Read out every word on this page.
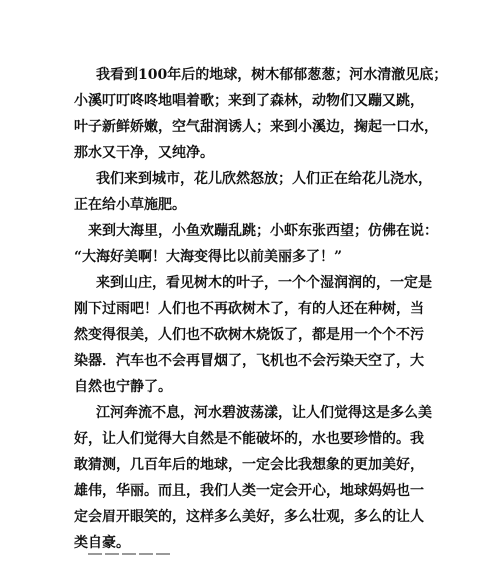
我看到100年后的地球，树木郁郁葱葱；河水清澈见底；
小溪叮叮咚咚地唱着歌；来到了森林，动物们又蹦又跳，
叶子新鲜娇嫩，空气甜润诱人；来到小溪边，掬起一口水，
那水又干净，又纯净。
我们来到城市，花儿欣然怒放；人们正在给花儿浇水，
正在给小草施肥。
来到大海里，小鱼欢蹦乱跳；小虾东张西望；仿佛在说：
“大海好美啊！大海变得比以前美丽多了！”
来到山庄，看见树木的叶子，一个个湿润润的，一定是
刚下过雨吧！人们也不再砍树木了，有的人还在种树，当
然变得很美，人们也不砍树木烧饭了，都是用一个个不污
染器．汽车也不会再冒烟了，飞机也不会污染天空了，大
自然也宁静了。
江河奔流不息，河水碧波荡漾，让人们觉得这是多么美
好，让人们觉得大自然是不能破坏的，水也要珍惜的。我
敢猜测，几百年后的地球，一定会比我想象的更加美好，
雄伟，华丽。而且，我们人类一定会开心，地球妈妈也一
定会眉开眼笑的，这样多么美好，多么壮观，多么的让人
类自豪。
